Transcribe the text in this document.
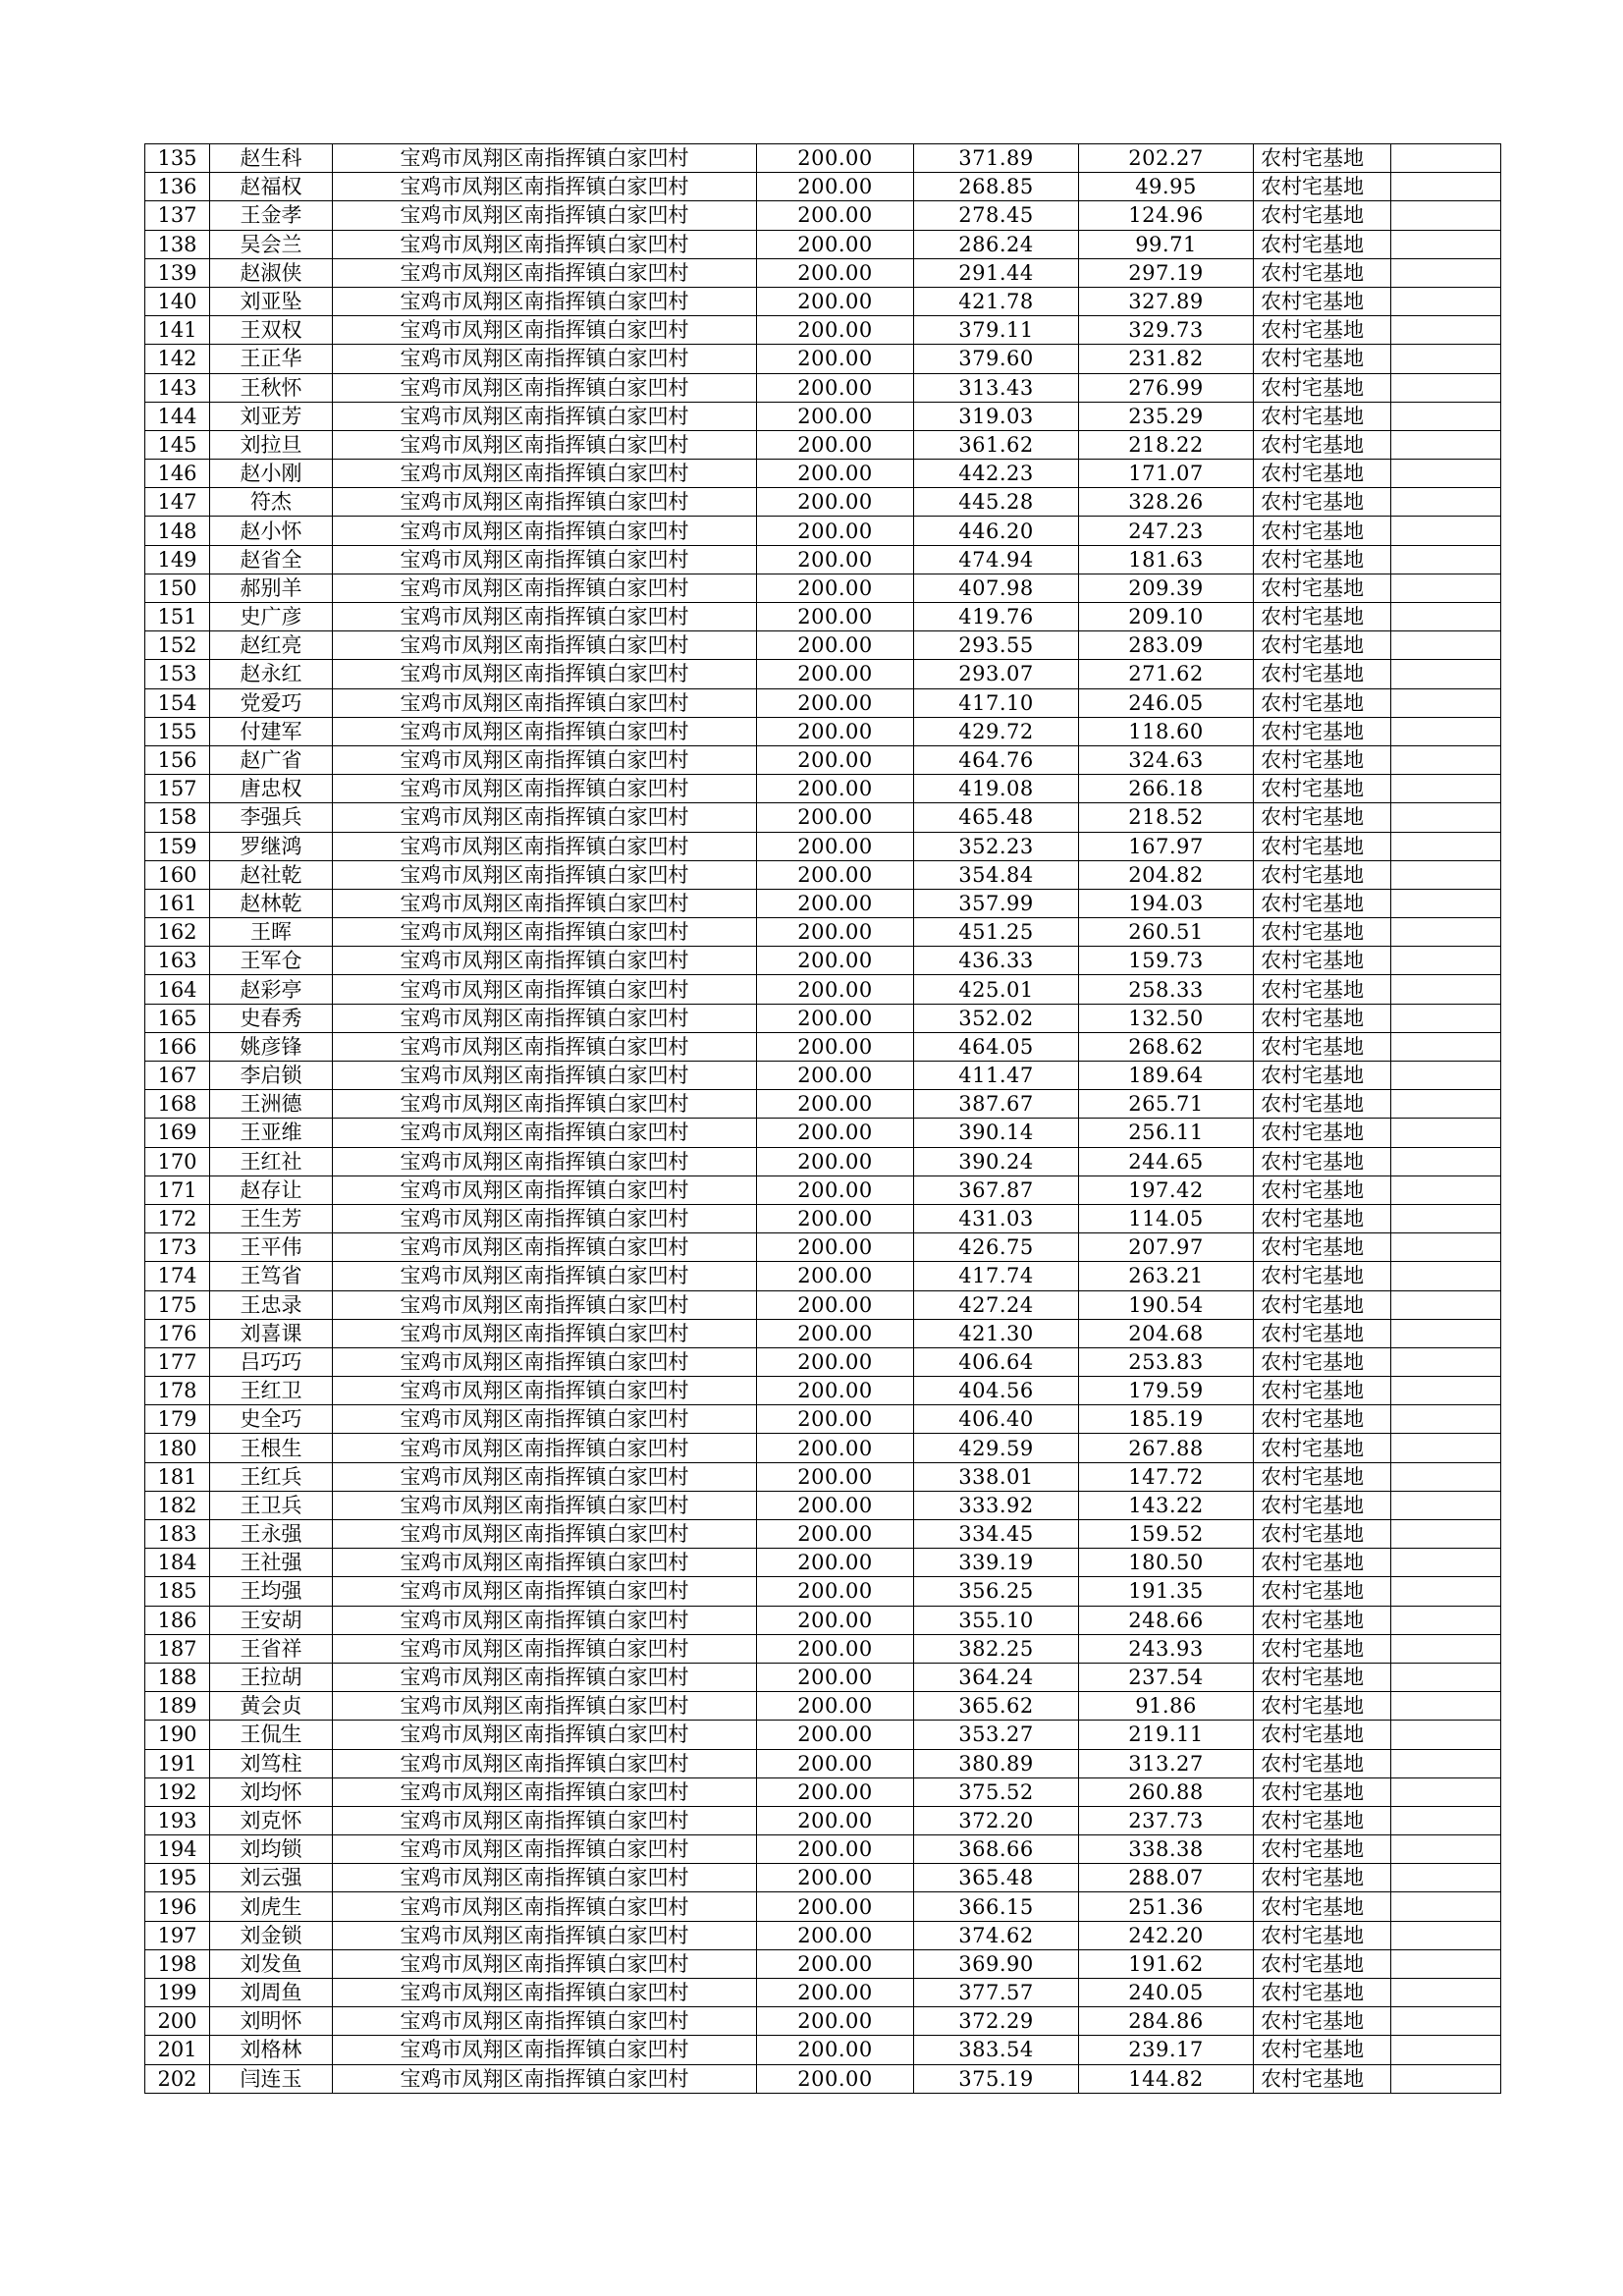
135	赵生科	宝鸡市凤翔区南指挥镇白家凹村	200.00	371.89	202.27	农村宅基地	
136	赵福权	宝鸡市凤翔区南指挥镇白家凹村	200.00	268.85	49.95	农村宅基地	
137	王金孝	宝鸡市凤翔区南指挥镇白家凹村	200.00	278.45	124.96	农村宅基地	
138	吴会兰	宝鸡市凤翔区南指挥镇白家凹村	200.00	286.24	99.71	农村宅基地	
139	赵淑侠	宝鸡市凤翔区南指挥镇白家凹村	200.00	291.44	297.19	农村宅基地	
140	刘亚坠	宝鸡市凤翔区南指挥镇白家凹村	200.00	421.78	327.89	农村宅基地	
141	王双权	宝鸡市凤翔区南指挥镇白家凹村	200.00	379.11	329.73	农村宅基地	
142	王正华	宝鸡市凤翔区南指挥镇白家凹村	200.00	379.60	231.82	农村宅基地	
143	王秋怀	宝鸡市凤翔区南指挥镇白家凹村	200.00	313.43	276.99	农村宅基地	
144	刘亚芳	宝鸡市凤翔区南指挥镇白家凹村	200.00	319.03	235.29	农村宅基地	
145	刘拉旦	宝鸡市凤翔区南指挥镇白家凹村	200.00	361.62	218.22	农村宅基地	
146	赵小刚	宝鸡市凤翔区南指挥镇白家凹村	200.00	442.23	171.07	农村宅基地	
147	符杰	宝鸡市凤翔区南指挥镇白家凹村	200.00	445.28	328.26	农村宅基地	
148	赵小怀	宝鸡市凤翔区南指挥镇白家凹村	200.00	446.20	247.23	农村宅基地	
149	赵省全	宝鸡市凤翔区南指挥镇白家凹村	200.00	474.94	181.63	农村宅基地	
150	郝别羊	宝鸡市凤翔区南指挥镇白家凹村	200.00	407.98	209.39	农村宅基地	
151	史广彦	宝鸡市凤翔区南指挥镇白家凹村	200.00	419.76	209.10	农村宅基地	
152	赵红亮	宝鸡市凤翔区南指挥镇白家凹村	200.00	293.55	283.09	农村宅基地	
153	赵永红	宝鸡市凤翔区南指挥镇白家凹村	200.00	293.07	271.62	农村宅基地	
154	党爱巧	宝鸡市凤翔区南指挥镇白家凹村	200.00	417.10	246.05	农村宅基地	
155	付建军	宝鸡市凤翔区南指挥镇白家凹村	200.00	429.72	118.60	农村宅基地	
156	赵广省	宝鸡市凤翔区南指挥镇白家凹村	200.00	464.76	324.63	农村宅基地	
157	唐忠权	宝鸡市凤翔区南指挥镇白家凹村	200.00	419.08	266.18	农村宅基地	
158	李强兵	宝鸡市凤翔区南指挥镇白家凹村	200.00	465.48	218.52	农村宅基地	
159	罗继鸿	宝鸡市凤翔区南指挥镇白家凹村	200.00	352.23	167.97	农村宅基地	
160	赵社乾	宝鸡市凤翔区南指挥镇白家凹村	200.00	354.84	204.82	农村宅基地	
161	赵林乾	宝鸡市凤翔区南指挥镇白家凹村	200.00	357.99	194.03	农村宅基地	
162	王晖	宝鸡市凤翔区南指挥镇白家凹村	200.00	451.25	260.51	农村宅基地	
163	王军仓	宝鸡市凤翔区南指挥镇白家凹村	200.00	436.33	159.73	农村宅基地	
164	赵彩亭	宝鸡市凤翔区南指挥镇白家凹村	200.00	425.01	258.33	农村宅基地	
165	史春秀	宝鸡市凤翔区南指挥镇白家凹村	200.00	352.02	132.50	农村宅基地	
166	姚彦锋	宝鸡市凤翔区南指挥镇白家凹村	200.00	464.05	268.62	农村宅基地	
167	李启锁	宝鸡市凤翔区南指挥镇白家凹村	200.00	411.47	189.64	农村宅基地	
168	王洲德	宝鸡市凤翔区南指挥镇白家凹村	200.00	387.67	265.71	农村宅基地	
169	王亚维	宝鸡市凤翔区南指挥镇白家凹村	200.00	390.14	256.11	农村宅基地	
170	王红社	宝鸡市凤翔区南指挥镇白家凹村	200.00	390.24	244.65	农村宅基地	
171	赵存让	宝鸡市凤翔区南指挥镇白家凹村	200.00	367.87	197.42	农村宅基地	
172	王生芳	宝鸡市凤翔区南指挥镇白家凹村	200.00	431.03	114.05	农村宅基地	
173	王平伟	宝鸡市凤翔区南指挥镇白家凹村	200.00	426.75	207.97	农村宅基地	
174	王笃省	宝鸡市凤翔区南指挥镇白家凹村	200.00	417.74	263.21	农村宅基地	
175	王忠录	宝鸡市凤翔区南指挥镇白家凹村	200.00	427.24	190.54	农村宅基地	
176	刘喜课	宝鸡市凤翔区南指挥镇白家凹村	200.00	421.30	204.68	农村宅基地	
177	吕巧巧	宝鸡市凤翔区南指挥镇白家凹村	200.00	406.64	253.83	农村宅基地	
178	王红卫	宝鸡市凤翔区南指挥镇白家凹村	200.00	404.56	179.59	农村宅基地	
179	史全巧	宝鸡市凤翔区南指挥镇白家凹村	200.00	406.40	185.19	农村宅基地	
180	王根生	宝鸡市凤翔区南指挥镇白家凹村	200.00	429.59	267.88	农村宅基地	
181	王红兵	宝鸡市凤翔区南指挥镇白家凹村	200.00	338.01	147.72	农村宅基地	
182	王卫兵	宝鸡市凤翔区南指挥镇白家凹村	200.00	333.92	143.22	农村宅基地	
183	王永强	宝鸡市凤翔区南指挥镇白家凹村	200.00	334.45	159.52	农村宅基地	
184	王社强	宝鸡市凤翔区南指挥镇白家凹村	200.00	339.19	180.50	农村宅基地	
185	王均强	宝鸡市凤翔区南指挥镇白家凹村	200.00	356.25	191.35	农村宅基地	
186	王安胡	宝鸡市凤翔区南指挥镇白家凹村	200.00	355.10	248.66	农村宅基地	
187	王省祥	宝鸡市凤翔区南指挥镇白家凹村	200.00	382.25	243.93	农村宅基地	
188	王拉胡	宝鸡市凤翔区南指挥镇白家凹村	200.00	364.24	237.54	农村宅基地	
189	黄会贞	宝鸡市凤翔区南指挥镇白家凹村	200.00	365.62	91.86	农村宅基地	
190	王侃生	宝鸡市凤翔区南指挥镇白家凹村	200.00	353.27	219.11	农村宅基地	
191	刘笃柱	宝鸡市凤翔区南指挥镇白家凹村	200.00	380.89	313.27	农村宅基地	
192	刘均怀	宝鸡市凤翔区南指挥镇白家凹村	200.00	375.52	260.88	农村宅基地	
193	刘克怀	宝鸡市凤翔区南指挥镇白家凹村	200.00	372.20	237.73	农村宅基地	
194	刘均锁	宝鸡市凤翔区南指挥镇白家凹村	200.00	368.66	338.38	农村宅基地	
195	刘云强	宝鸡市凤翔区南指挥镇白家凹村	200.00	365.48	288.07	农村宅基地	
196	刘虎生	宝鸡市凤翔区南指挥镇白家凹村	200.00	366.15	251.36	农村宅基地	
197	刘金锁	宝鸡市凤翔区南指挥镇白家凹村	200.00	374.62	242.20	农村宅基地	
198	刘发鱼	宝鸡市凤翔区南指挥镇白家凹村	200.00	369.90	191.62	农村宅基地	
199	刘周鱼	宝鸡市凤翔区南指挥镇白家凹村	200.00	377.57	240.05	农村宅基地	
200	刘明怀	宝鸡市凤翔区南指挥镇白家凹村	200.00	372.29	284.86	农村宅基地	
201	刘格林	宝鸡市凤翔区南指挥镇白家凹村	200.00	383.54	239.17	农村宅基地	
202	闫连玉	宝鸡市凤翔区南指挥镇白家凹村	200.00	375.19	144.82	农村宅基地	
